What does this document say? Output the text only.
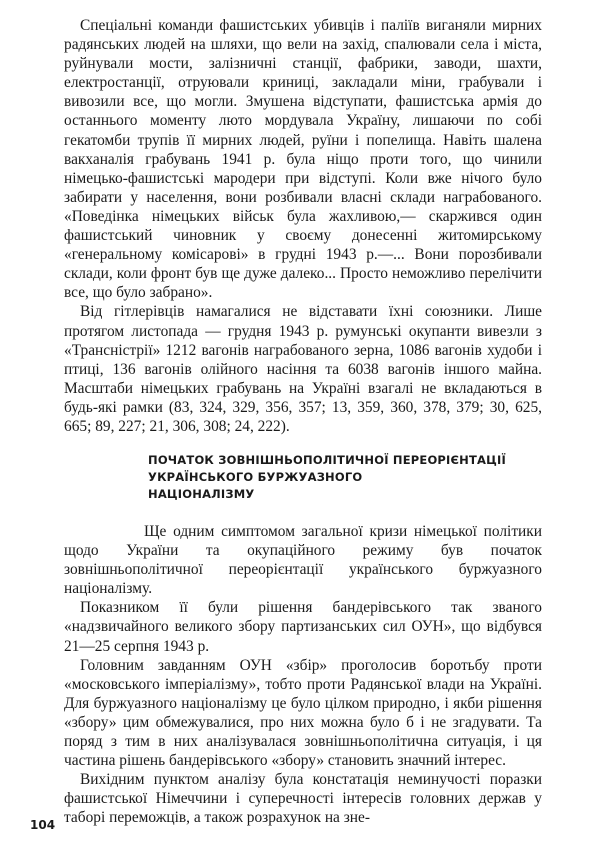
Спеціальні команди фашистських убивців і паліїв виганяли мирних радянських людей на шляхи, що вели на захід, спалювали села і міста, руйнували мости, залізничні станції, фабрики, заводи, шахти, електростанції, отруювали криниці, закладали міни, грабували і вивозили все, що могли. Змушена відступати, фашистська армія до останнього моменту люто мордувала Україну, лишаючи по собі гекатомби трупів її мирних людей, руїни і попелища. Навіть шалена вакханалія грабувань 1941 р. була ніщо проти того, що чинили німецько-фашистські мародери при відступі. Коли вже нічого було забирати у населення, вони розбивали власні склади награбованого. «Поведінка німецьких військ була жахливою,— скаржився один фашистський чиновник у своєму донесенні житомирському «генеральному комісарові» в грудні 1943 р.—... Вони порозбивали склади, коли фронт був ще дуже далеко... Просто неможливо перелічити все, що було забрано».

Від гітлерівців намагалися не відставати їхні союзники. Лише протягом листопада — грудня 1943 р. румунські окупанти вивезли з «Трансністрії» 1212 вагонів награбованого зерна, 1086 вагонів худоби і птиці, 136 вагонів олійного насіння та 6038 вагонів іншого майна. Масштаби німецьких грабувань на Україні взагалі не вкладаються в будь-які рамки (83, 324, 329, 356, 357; 13, 359, 360, 378, 379; 30, 625, 665; 89, 227; 21, 306, 308; 24, 222).

ПОЧАТОК ЗОВНІШНЬОПОЛІТИЧНОЇ ПЕРЕОРІЄНТАЦІЇ
УКРАЇНСЬКОГО БУРЖУАЗНОГО
НАЦІОНАЛІЗМУ

Ще одним симптомом загальної кризи німецької політики щодо України та окупаційного режиму був початок зовнішньополітичної переорієнтації українського буржуазного націоналізму.

Показником її були рішення бандерівського так званого «надзвичайного великого збору партизанських сил ОУН», що відбувся 21—25 серпня 1943 р.

Головним завданням ОУН «збір» проголосив боротьбу проти «московського імперіалізму», тобто проти Радянської влади на Україні. Для буржуазного націоналізму це було цілком природно, і якби рішення «збору» цим обмежувалися, про них можна було б і не згадувати. Та поряд з тим в них аналізувалася зовнішньополітична ситуація, і ця частина рішень бандерівського «збору» становить значний інтерес.

Вихідним пунктом аналізу була констатація неминучості поразки фашистської Німеччини і суперечності інтересів головних держав у таборі переможців, а також розрахунок на зне-

104
